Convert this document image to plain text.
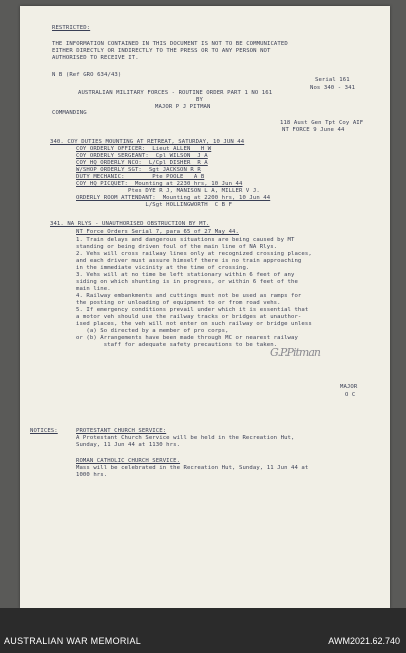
RESTRICTED:
THE INFORMATION CONTAINED IN THIS DOCUMENT IS NOT TO BE COMMUNICATED
EITHER DIRECTLY OR INDIRECTLY TO THE PRESS OR TO ANY PERSON NOT
AUTHORISED TO RECEIVE IT.
N B (Ref GRO 634/43)
Serial 161
Nos 340 - 341
AUSTRALIAN MILITARY FORCES - ROUTINE ORDER PART 1 NO 161
BY
MAJOR P J PITMAN
COMMANDING
118 Aust Gen Tpt Coy AIF
NT FORCE 9 June 44
340. COY DUTIES MOUNTING AT RETREAT, SATURDAY, 10 JUN 44
COY ORDERLY OFFICER:  Lieut ALLEN   H W
COY ORDERLY SERGEANT:  Cpl WILSON  J A
COY HQ ORDERLY NCO:  L/Cpl DISHER  R A
W/SHOP ORDERLY SGT:  Sgt JACKSON R R
DUTY MECHANIC:        Pte POOLE   A B
COY HQ PICQUET:  Mounting at 2230 hrs, 10 Jun 44
Ptes DYE R J, MANISON L A, MILLER V J.
ORDERLY ROOM ATTENDANT:  Mounting at 2200 hrs, 10 Jun 44
L/Sgt HOLLINGWORTH  C B F
341. NA RLYS - UNAUTHORISED OBSTRUCTION BY MT.
NT Force Orders Serial 7, para 65 of 27 May 44.
1. Train delays and dangerous situations are being caused by MT
standing or being driven foul of the main line of NA Rlys.
2. Vehs will cross railway lines only at recognized crossing places,
and each driver must assure himself there is no train approaching
in the immediate vicinity at the time of crossing.
3. Vehs will at no time be left stationary within 6 feet of any
siding on which shunting is in progress, or within 6 feet of the
main line.
4. Railway embankments and cuttings must not be used as ramps for
the posting or unloading of equipment to or from road vehs.
5. If emergency conditions prevail under which it is essential that
a motor veh should use the railway tracks or bridges at unauthor-
ised places, the veh will not enter on such railway or bridge unless
(a) So directed by a member of pro corps,
or (b) Arrangements have been made through MC or nearest railway
staff for adequate safety precautions to be taken.
G.P.Pitman
MAJOR
O C
NOTICES:	PROTESTANT CHURCH SERVICE:
A Protestant Church Service will be held in the Recreation Hut,
Sunday, 11 Jun 44 at 1130 hrs.
ROMAN CATHOLIC CHURCH SERVICE.
Mass will be celebrated in the Recreation Hut, Sunday, 11 Jun 44 at
1000 hrs.
AUSTRALIAN WAR MEMORIAL	AWM2021.62.740
